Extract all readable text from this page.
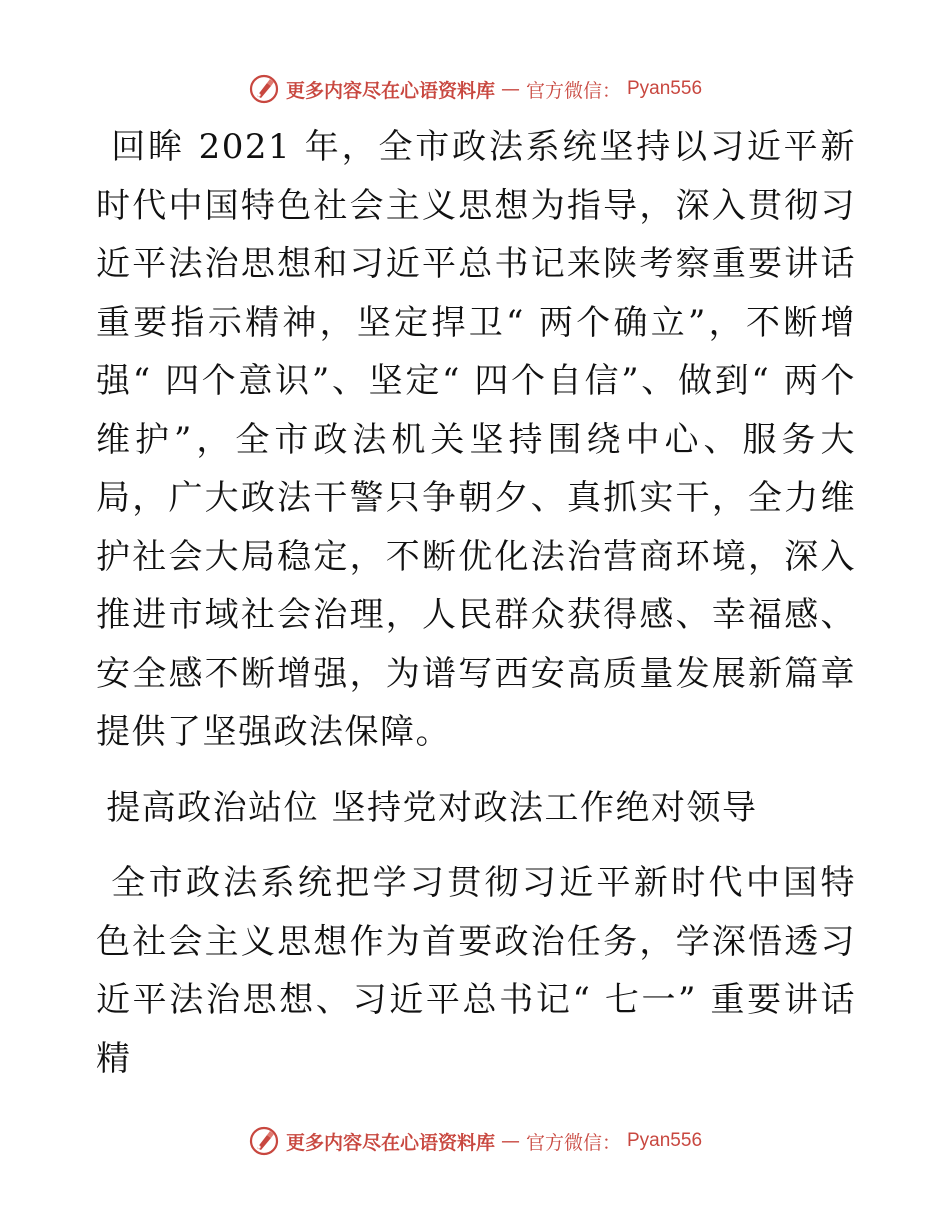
更多内容尽在心语资料库 — 官方微信： Pyan556

回眸 2021 年，全市政法系统坚持以习近平新时代中国特色社会主义思想为指导，深入贯彻习近平法治思想和习近平总书记来陕考察重要讲话重要指示精神，坚定捍卫“ 两个确立”，不断增强“ 四个意识”、坚定“ 四个自信”、做到“ 两个维护”，全市政法机关坚持围绕中心、服务大局，广大政法干警只争朝夕、真抓实干，全力维护社会大局稳定，不断优化法治营商环境，深入推进市域社会治理，人民群众获得感、幸福感、安全感不断增强，为谱写西安高质量发展新篇章提供了坚强政法保障。

提高政治站位 坚持党对政法工作绝对领导

全市政法系统把学习贯彻习近平新时代中国特色社会主义思想作为首要政治任务，学深悟透习近平法治思想、习近平总书记“ 七一” 重要讲话精

更多内容尽在心语资料库 — 官方微信： Pyan556
